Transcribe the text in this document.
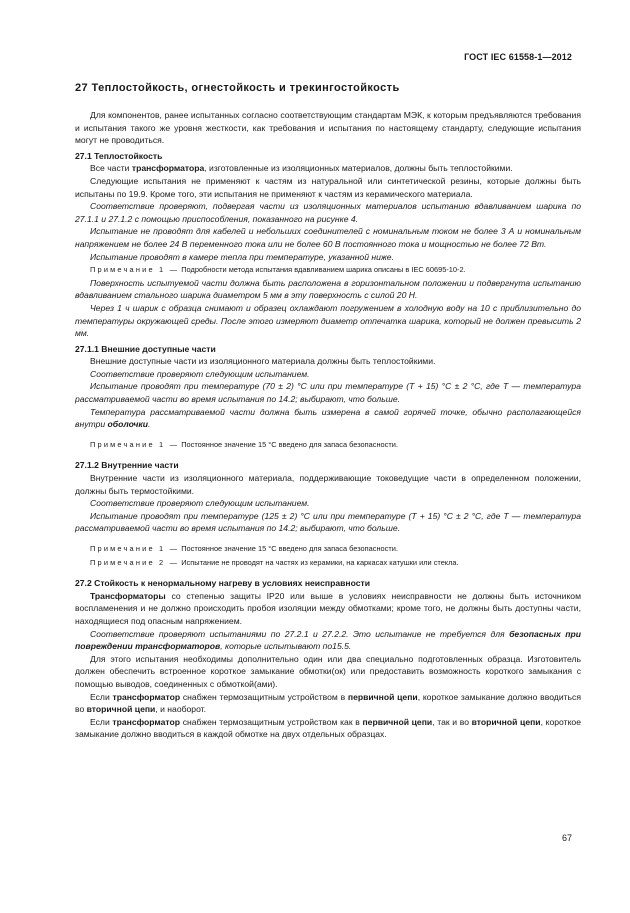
ГОСТ IEC 61558-1—2012
27 Теплостойкость, огнестойкость и трекингостойкость

Для компонентов, ранее испытанных согласно соответствующим стандартам МЭК, к которым предъявляются требования и испытания такого же уровня жесткости, как требования и испытания по настоящему стандарту, следующие испытания могут не проводиться.

27.1 Теплостойкость

Все части трансформатора, изготовленные из изоляционных материалов, должны быть теплостойкими.

Следующие испытания не применяют к частям из натуральной или синтетической резины, которые должны быть испытаны по 19.9. Кроме того, эти испытания не применяют к частям из керамического материала.

Соответствие проверяют, подвергая части из изоляционных материалов испытанию вдавливанием шарика по 27.1.1 и 27.1.2 с помощью приспособления, показанного на рисунке 4.

Испытание не проводят для кабелей и небольших соединителей с номинальным током не более 3 А и номинальным напряжением не более 24 В переменного тока или не более 60 В постоянного тока и мощностью не более 72 Вт.

Испытание проводят в камере тепла при температуре, указанной ниже.

Примечание 1 — Подробности метода испытания вдавливанием шарика описаны в IEC 60695-10-2.

Поверхность испытуемой части должна быть расположена в горизонтальном положении и подвергнута испытанию вдавливанием стального шарика диаметром 5 мм в эту поверхность с силой 20 Н.

Через 1 ч шарик с образца снимают и образец охлаждают погружением в холодную воду на 10 с приблизительно до температуры окружающей среды. После этого измеряют диаметр отпечатка шарика, который не должен превысить 2 мм.

27.1.1 Внешние доступные части

Внешние доступные части из изоляционного материала должны быть теплостойкими.

Соответствие проверяют следующим испытанием.

Испытание проводят при температуре (70 ± 2) °С или при температуре (Т + 15) °С ± 2 °С, где Т — температура рассматриваемой части во время испытания по 14.2; выбирают, что больше.

Температура рассматриваемой части должна быть измерена в самой горячей точке, обычно располагающейся внутри оболочки.

Примечание 1 — Постоянное значение 15 °С введено для запаса безопасности.

27.1.2 Внутренние части

Внутренние части из изоляционного материала, поддерживающие токоведущие части в определенном положении, должны быть термостойкими.

Соответствие проверяют следующим испытанием.

Испытание проводят при температуре (125 ± 2) °С или при температуре (Т + 15) °С ± 2 °С, где Т — температура рассматриваемой части во время испытания по 14.2; выбирают, что больше.

Примечание 1 — Постоянное значение 15 °С введено для запаса безопасности.

Примечание 2 — Испытание не проводят на частях из керамики, на каркасах катушки или стекла.

27.2 Стойкость к ненормальному нагреву в условиях неисправности

Трансформаторы со степенью защиты IP20 или выше в условиях неисправности не должны быть источником воспламенения и не должно происходить пробоя изоляции между обмотками; кроме того, не должны быть доступны части, находящиеся под опасным напряжением.

Соответствие проверяют испытаниями по 27.2.1 и 27.2.2. Это испытание не требуется для безопасных при повреждении трансформаторов, которые испытывают по15.5.

Для этого испытания необходимы дополнительно один или два специально подготовленных образца. Изготовитель должен обеспечить встроенное короткое замыкание обмотки(ок) или предоставить возможность короткого замыкания с помощью выводов, соединенных с обмоткой(ами).

Если трансформатор снабжен термозащитным устройством в первичной цепи, короткое замыкание должно вводиться во вторичной цепи, и наоборот.

Если трансформатор снабжен термозащитным устройством как в первичной цепи, так и во вторичной цепи, короткое замыкание должно вводиться в каждой обмотке на двух отдельных образцах.

67
